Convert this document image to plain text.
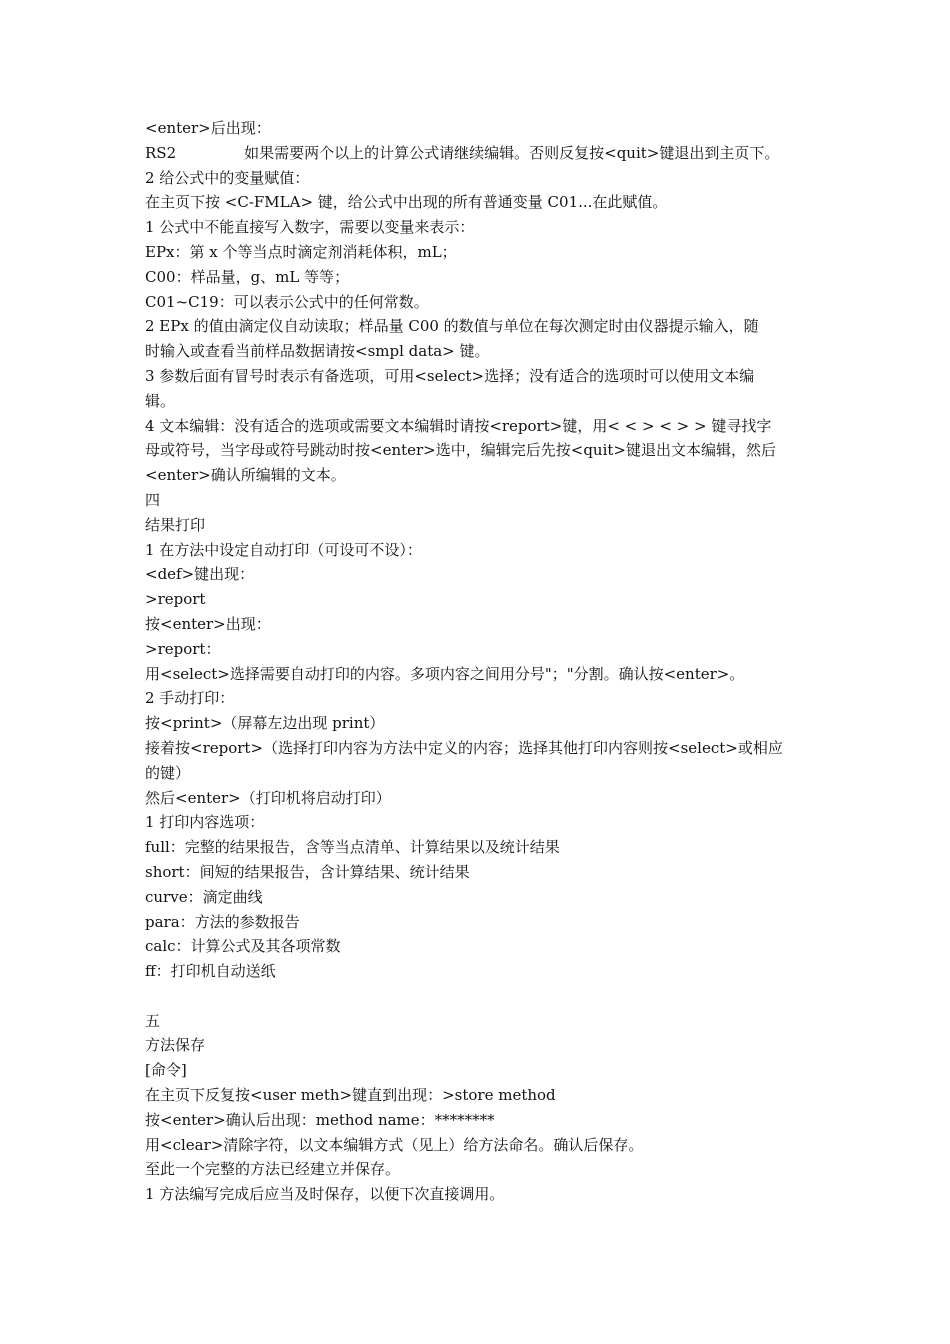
<enter>后出现：
RS2	如果需要两个以上的计算公式请继续编辑。否则反复按<quit>键退出到主页下。
2 给公式中的变量赋值：
在主页下按 <C-FMLA> 键，给公式中出现的所有普通变量 C01...在此赋值。
1 公式中不能直接写入数字，需要以变量来表示：
EPx：第 x 个等当点时滴定剂消耗体积，mL；
C00：样品量，g、mL 等等；
C01~C19：可以表示公式中的任何常数。
2 EPx 的值由滴定仪自动读取；样品量 C00 的数值与单位在每次测定时由仪器提示输入，随
时输入或查看当前样品数据请按<smpl data> 键。
3 参数后面有冒号时表示有备选项，可用<select>选择；没有适合的选项时可以使用文本编
辑。
4 文本编辑：没有适合的选项或需要文本编辑时请按<report>键，用< < > < > > 键寻找字
母或符号，当字母或符号跳动时按<enter>选中，编辑完后先按<quit>键退出文本编辑，然后
<enter>确认所编辑的文本。
四
结果打印
1 在方法中设定自动打印（可设可不设）：
<def>键出现：
>report
按<enter>出现：
>report：
用<select>选择需要自动打印的内容。多项内容之间用分号"；"分割。确认按<enter>。
2 手动打印：
按<print>（屏幕左边出现 print）
接着按<report>（选择打印内容为方法中定义的内容；选择其他打印内容则按<select>或相应
的键）
然后<enter>（打印机将启动打印）
1 打印内容选项：
full：完整的结果报告，含等当点清单、计算结果以及统计结果
short：间短的结果报告，含计算结果、统计结果
curve：滴定曲线
para：方法的参数报告
calc：计算公式及其各项常数
ff：打印机自动送纸
五
方法保存
[命令]
在主页下反复按<user meth>键直到出现：>store method
按<enter>确认后出现：method name：********
用<clear>清除字符，以文本编辑方式（见上）给方法命名。确认后保存。
至此一个完整的方法已经建立并保存。
1 方法编写完成后应当及时保存，以便下次直接调用。
